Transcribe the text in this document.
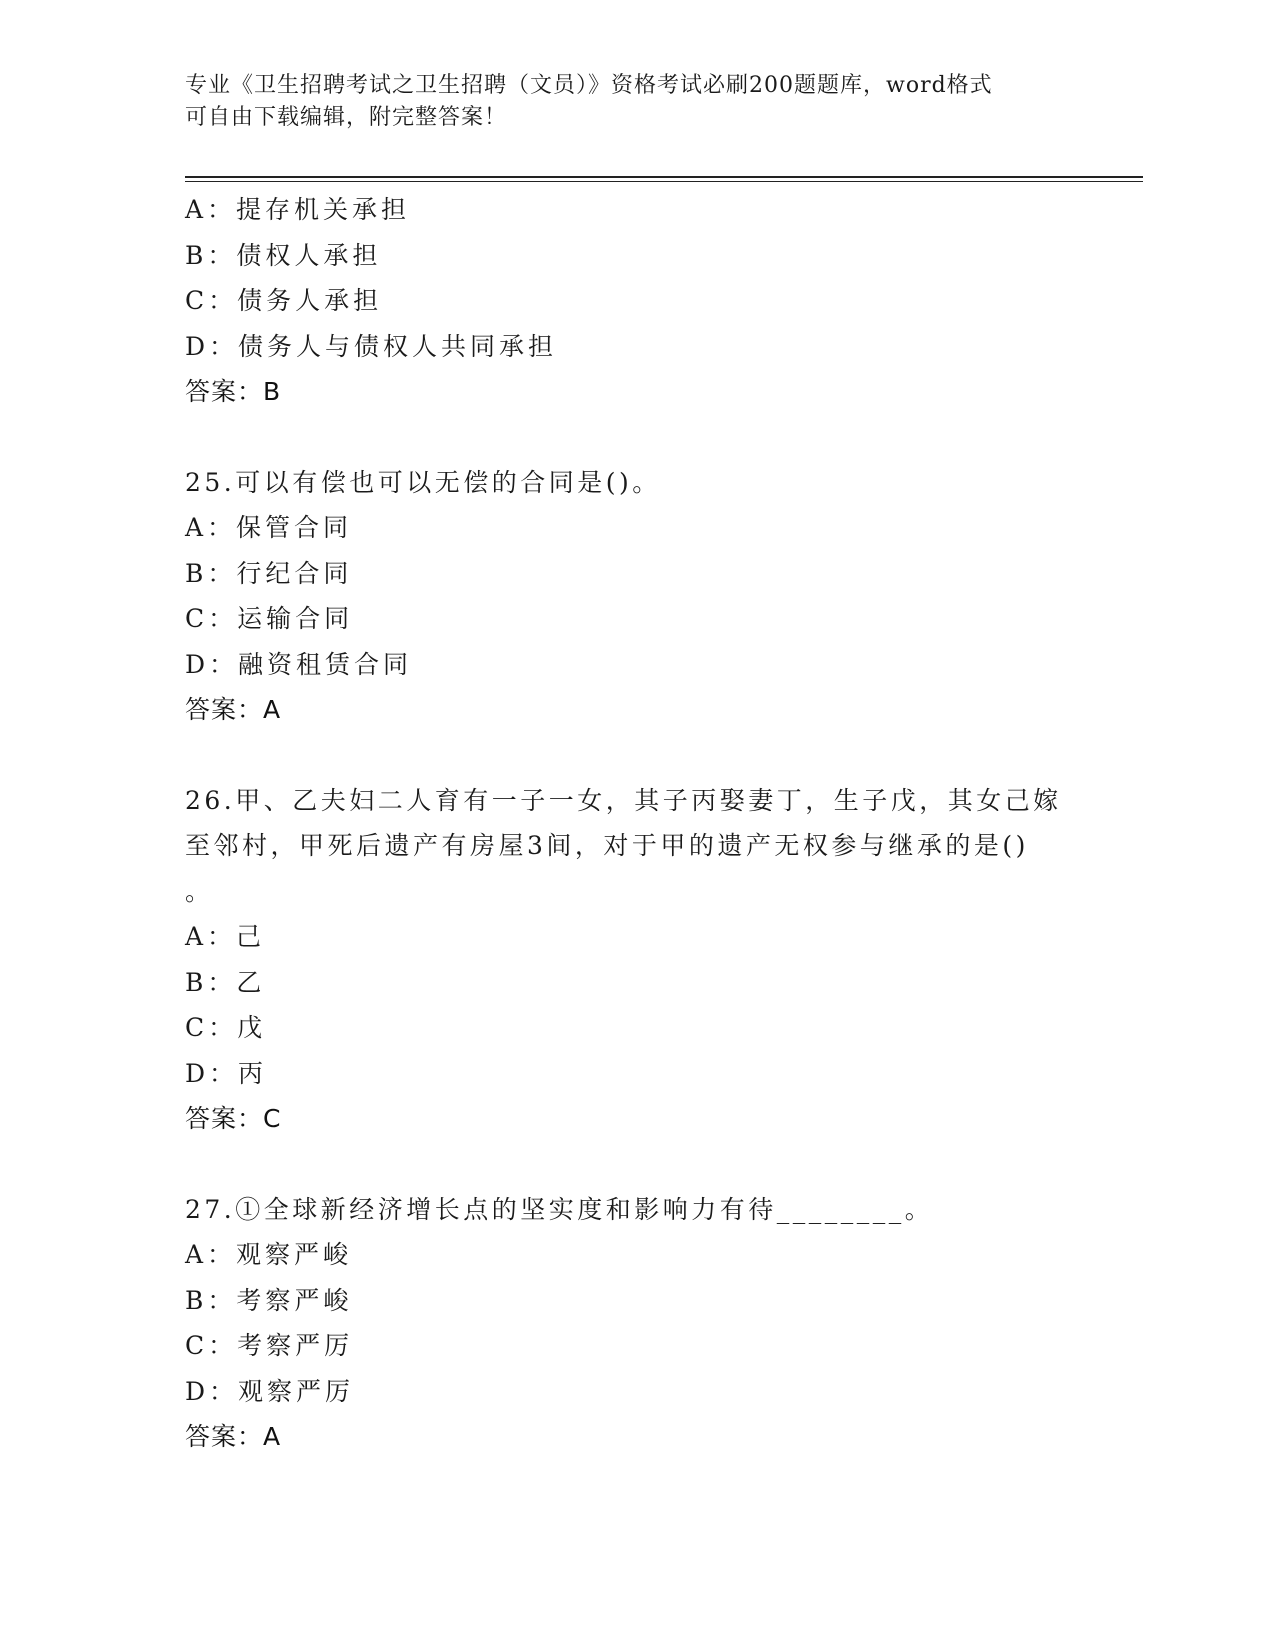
专业《卫生招聘考试之卫生招聘（文员）》资格考试必刷200题题库，word格式
可自由下载编辑，附完整答案！
A：提存机关承担
B：债权人承担
C：债务人承担
D：债务人与债权人共同承担
答案：B
25.可以有偿也可以无偿的合同是()。
A：保管合同
B：行纪合同
C：运输合同
D：融资租赁合同
答案：A
26.甲、乙夫妇二人育有一子一女，其子丙娶妻丁，生子戊，其女己嫁
至邻村，甲死后遗产有房屋3间，对于甲的遗产无权参与继承的是()
。
A：己
B：乙
C：戊
D：丙
答案：C
27.①全球新经济增长点的坚实度和影响力有待________。
A：观察严峻
B：考察严峻
C：考察严厉
D：观察严厉
答案：A
